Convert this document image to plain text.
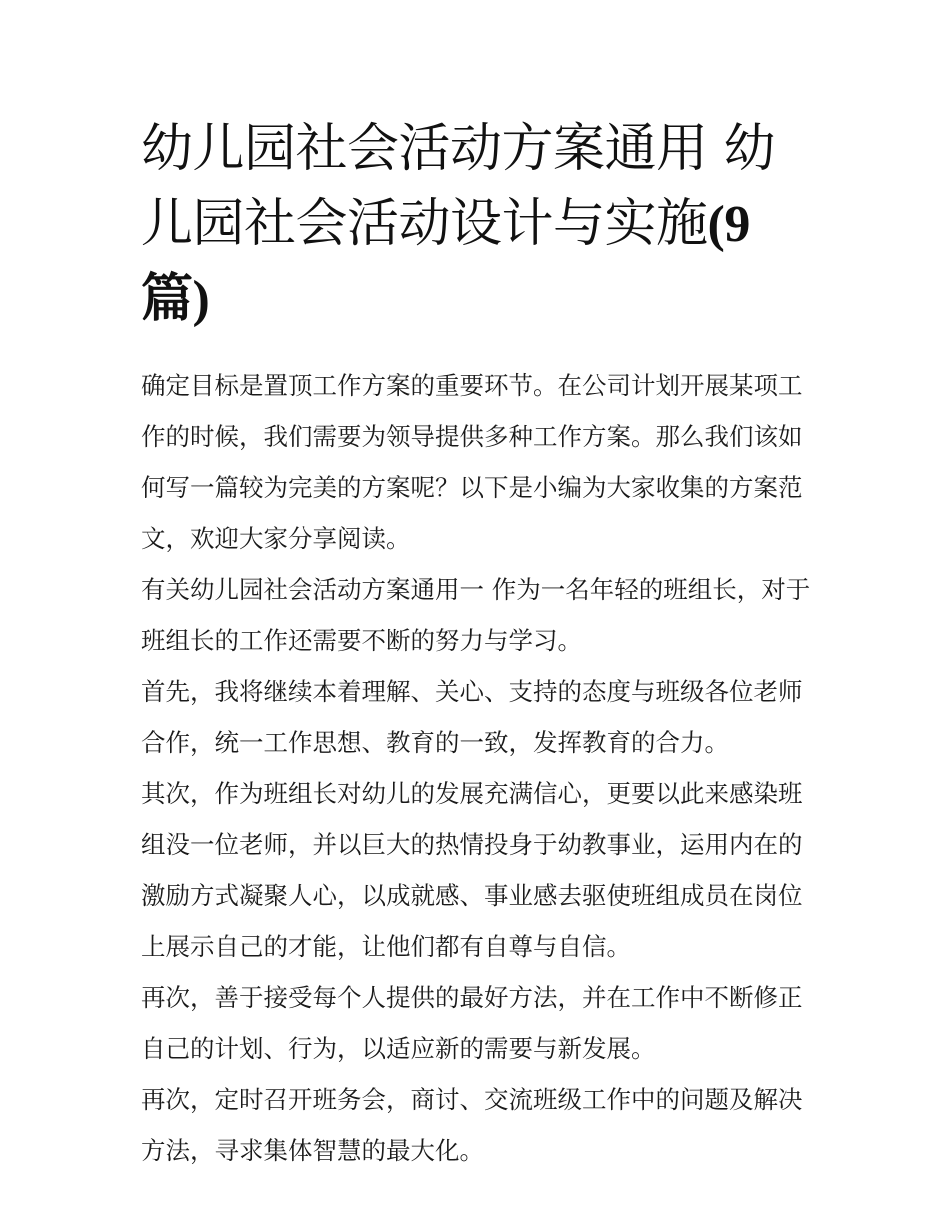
幼儿园社会活动方案通用 幼儿园社会活动设计与实施(9篇)

确定目标是置顶工作方案的重要环节。在公司计划开展某项工作的时候，我们需要为领导提供多种工作方案。那么我们该如何写一篇较为完美的方案呢？以下是小编为大家收集的方案范文，欢迎大家分享阅读。

有关幼儿园社会活动方案通用一 作为一名年轻的班组长，对于班组长的工作还需要不断的努力与学习。

首先，我将继续本着理解、关心、支持的态度与班级各位老师合作，统一工作思想、教育的一致，发挥教育的合力。

其次，作为班组长对幼儿的发展充满信心，更要以此来感染班组没一位老师，并以巨大的热情投身于幼教事业，运用内在的激励方式凝聚人心，以成就感、事业感去驱使班组成员在岗位上展示自己的才能，让他们都有自尊与自信。

再次，善于接受每个人提供的最好方法，并在工作中不断修正自己的计划、行为，以适应新的需要与新发展。

再次，定时召开班务会，商讨、交流班级工作中的问题及解决方法，寻求集体智慧的最大化。
